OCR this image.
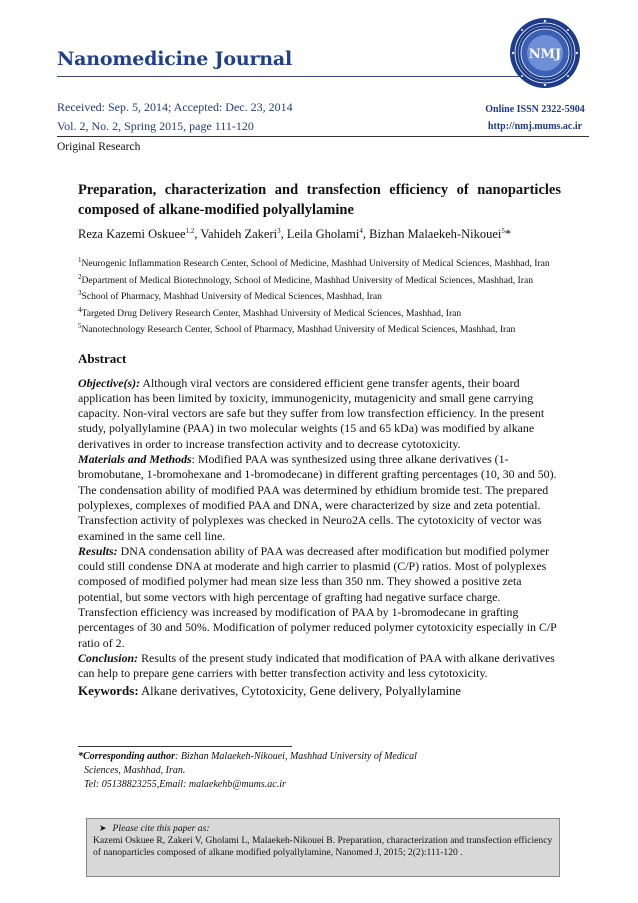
Nanomedicine Journal	NMJ
Received: Sep. 5, 2014; Accepted: Dec. 23, 2014
Vol. 2, No. 2, Spring 2015, page 111-120
Online ISSN 2322-5904
http://nmj.mums.ac.ir
Original Research
Preparation, characterization and transfection efficiency of nanoparticles composed of alkane-modified polyallylamine
Reza Kazemi Oskuee$^{1,2}$, Vahideh Zakeri$^3$, Leila Gholami$^4$, Bizhan Malaekeh-Nikouei$^5$*

$^1$Neurogenic Inflammation Research Center, School of Medicine, Mashhad University of Medical Sciences, Mashhad, Iran

$^2$Department of Medical Biotechnology, School of Medicine, Mashhad University of Medical Sciences, Mashhad, Iran

$^3$School of Pharmacy, Mashhad University of Medical Sciences, Mashhad, Iran

$^4$Targeted Drug Delivery Research Center, Mashhad University of Medical Sciences, Mashhad, Iran

$^5$Nanotechnology Research Center, School of Pharmacy, Mashhad University of Medical Sciences, Mashhad, Iran

Abstract

Objective(s): Although viral vectors are considered efficient gene transfer agents, their board application has been limited by toxicity, immunogenicity, mutagenicity and small gene carrying capacity. Non-viral vectors are safe but they suffer from low transfection efficiency. In the present study, polyallylamine (PAA) in two molecular weights (15 and 65 kDa) was modified by alkane derivatives in order to increase transfection activity and to decrease cytotoxicity.

Materials and Methods: Modified PAA was synthesized using three alkane derivatives (1-bromobutane, 1-bromohexane and 1-bromodecane) in different grafting percentages (10, 30 and 50). The condensation ability of modified PAA was determined by ethidium bromide test. The prepared polyplexes, complexes of modified PAA and DNA, were characterized by size and zeta potential. Transfection activity of polyplexes was checked in Neuro2A cells. The cytotoxicity of vector was examined in the same cell line.

Results: DNA condensation ability of PAA was decreased after modification but modified polymer could still condense DNA at moderate and high carrier to plasmid (C/P) ratios. Most of polyplexes composed of modified polymer had mean size less than 350 nm. They showed a positive zeta potential, but some vectors with high percentage of grafting had negative surface charge. Transfection efficiency was increased by modification of PAA by 1-bromodecane in grafting percentages of 30 and 50%. Modification of polymer reduced polymer cytotoxicity especially in C/P ratio of 2.

Conclusion: Results of the present study indicated that modification of PAA with alkane derivatives can help to prepare gene carriers with better transfection activity and less cytotoxicity.

Keywords: Alkane derivatives, Cytotoxicity, Gene delivery, Polyallylamine
*Corresponding author: Bizhan Malaekeh-Nikouei, Mashhad University of Medical
Sciences, Mashhad, Iran.
Tel: 05138823255,Email: malaekehb@mums.ac.ir
➤ Please cite this paper as:
Kazemi Oskuee R, Zakeri V, Gholami L, Malaekeh-Nikouei B. Preparation, characterization and transfection efficiency of nanoparticles composed of alkane modified polyallylamine, Nanomed J, 2015; 2(2):111-120 .
